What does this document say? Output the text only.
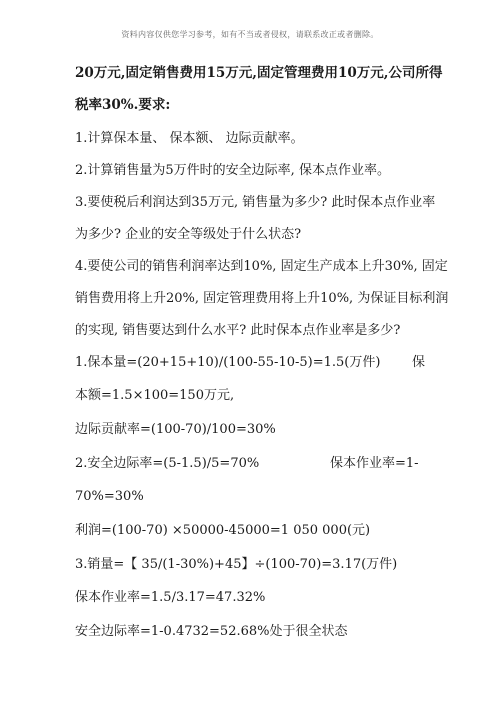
资料内容仅供您学习参考，如有不当或者侵权，请联系改正或者删除。
20万元,固定销售费用15万元,固定管理费用10万元,公司所得
税率30%.要求:
1.计算保本量、 保本额、 边际贡献率。
2.计算销售量为5万件时的安全边际率, 保本点作业率。
3.要使税后利润达到35万元, 销售量为多少? 此时保本点作业率
为多少? 企业的安全等级处于什么状态?
4.要使公司的销售利润率达到10%, 固定生产成本上升30%, 固定
销售费用将上升20%, 固定管理费用将上升10%, 为保证目标利润
的实现, 销售要达到什么水平? 此时保本点作业率是多少?
1.保本量=(20+15+10)/(100-55-10-5)=1.5(万件) 保
本额=1.5×100=150万元,
边际贡献率=(100-70)/100=30%
2.安全边际率=(5-1.5)/5=70%	保本作业率=1-
70%=30%
利润=(100-70) ×50000-45000=1 050 000(元)
3.销量=【 35/(1-30%)+45】÷(100-70)=3.17(万件)
保本作业率=1.5/3.17=47.32%
安全边际率=1-0.4732=52.68%处于很全状态
